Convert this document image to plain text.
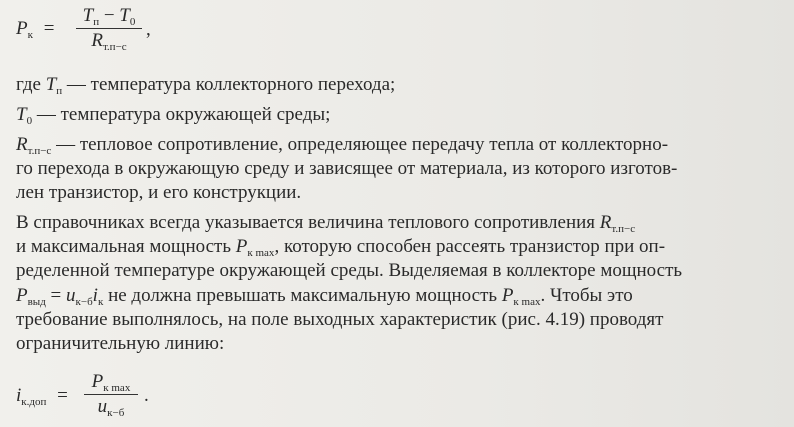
$P_к$ =
$T_п - T_0$
$R_{т.п-с}$
,
где $T_п$ — температура коллекторного перехода;
$T_0$ — температура окружающей среды;
$R_{т.п-с}$ — тепловое сопротивление, определяющее передачу тепла от коллекторно-
го перехода в окружающую среду и зависящее от материала, из которого изготов-
лен транзистор, и его конструкции.
В справочниках всегда указывается величина теплового сопротивления $R_{т.п-с}$
и максимальная мощность $P_{к max}$, которую способен рассеять транзистор при оп-
ределенной температуре окружающей среды. Выделяемая в коллекторе мощность
$P_{выд} = u_{к-б}i_к$ не должна превышать максимальную мощность $P_{к max}$. Чтобы это
требование выполнялось, на поле выходных характеристик (рис. 4.19) проводят
ограничительную линию:
$i_{к.доп}$ =
$P_{к max}$
$u_{к-б}$
.
